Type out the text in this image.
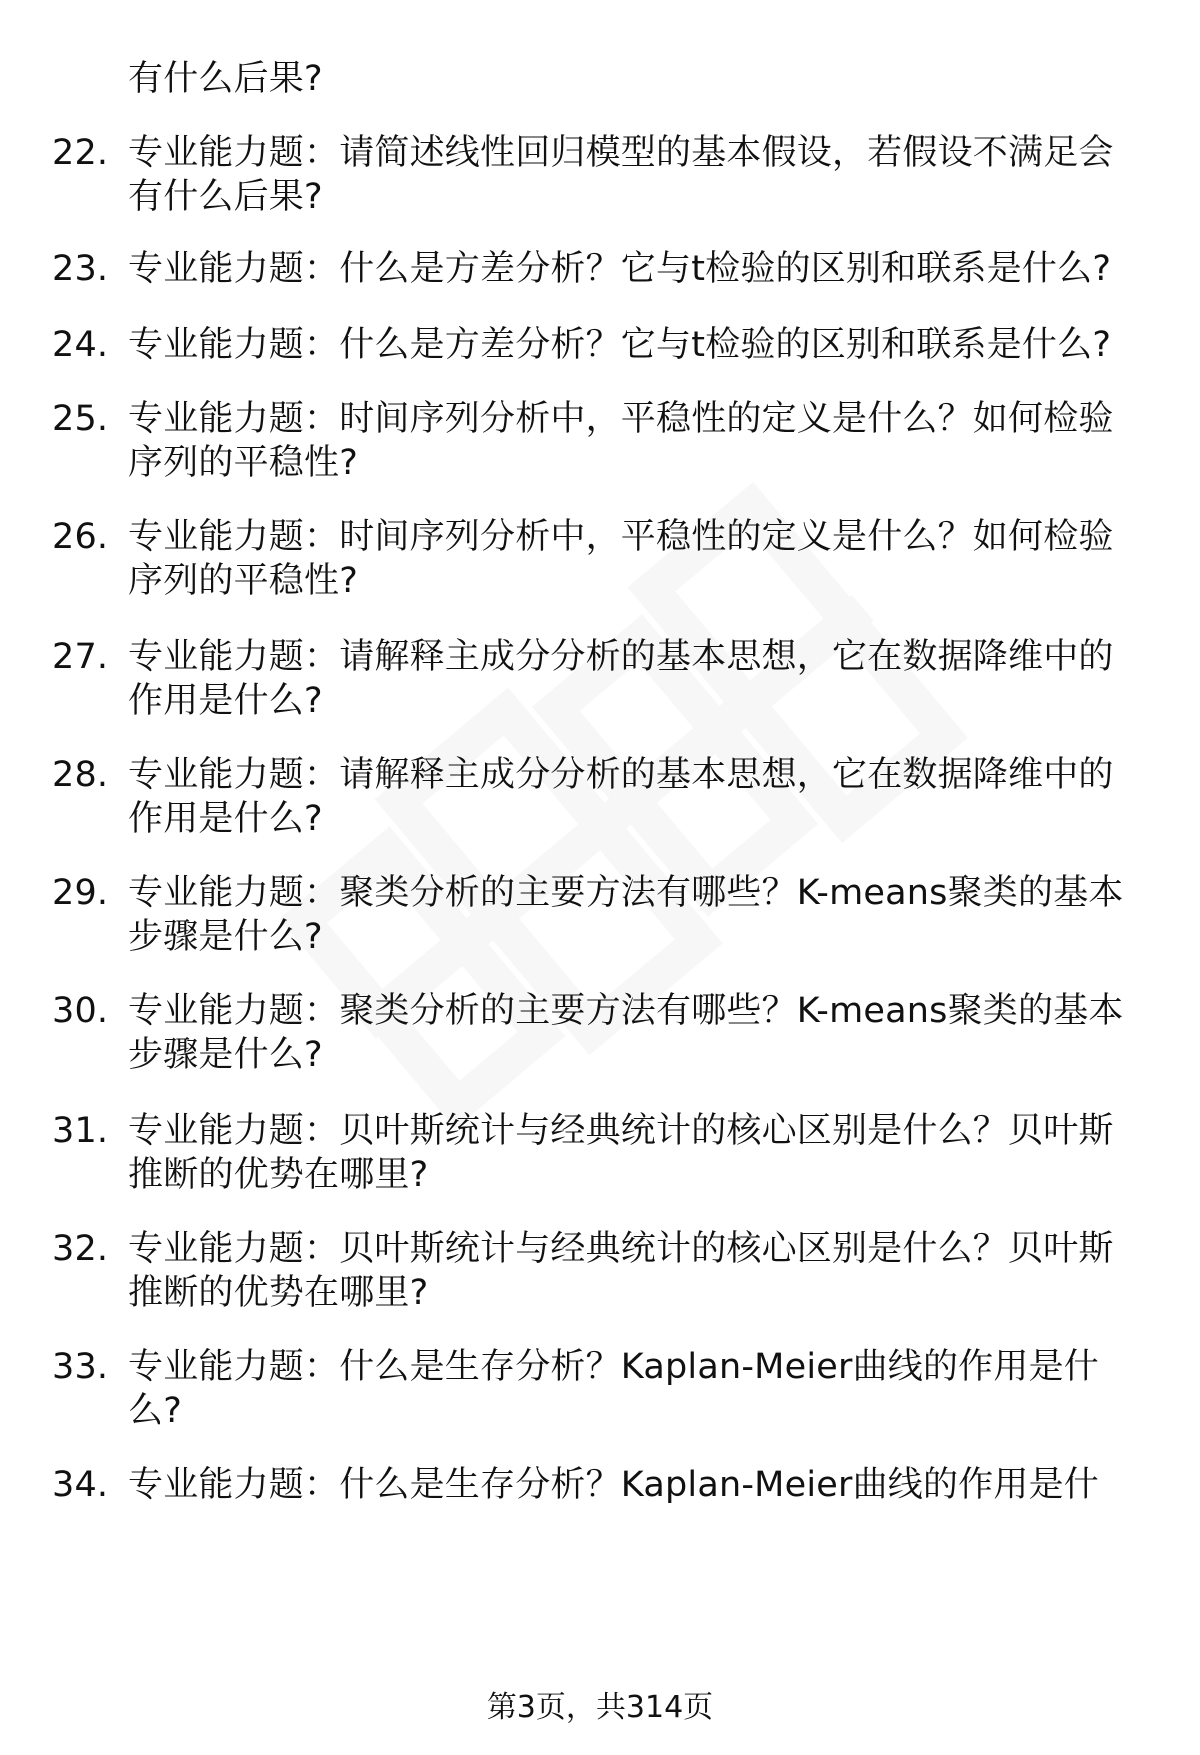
有什么后果?
22. 专业能力题：请简述线性回归模型的基本假设，若假设不满足会
有什么后果?
23. 专业能力题：什么是方差分析？它与t检验的区别和联系是什么?
24. 专业能力题：什么是方差分析？它与t检验的区别和联系是什么?
25. 专业能力题：时间序列分析中，平稳性的定义是什么？如何检验
序列的平稳性?
26. 专业能力题：时间序列分析中，平稳性的定义是什么？如何检验
序列的平稳性?
27. 专业能力题：请解释主成分分析的基本思想，它在数据降维中的
作用是什么?
28. 专业能力题：请解释主成分分析的基本思想，它在数据降维中的
作用是什么?
29. 专业能力题：聚类分析的主要方法有哪些？K-means聚类的基本
步骤是什么?
30. 专业能力题：聚类分析的主要方法有哪些？K-means聚类的基本
步骤是什么?
31. 专业能力题：贝叶斯统计与经典统计的核心区别是什么？贝叶斯
推断的优势在哪里?
32. 专业能力题：贝叶斯统计与经典统计的核心区别是什么？贝叶斯
推断的优势在哪里?
33. 专业能力题：什么是生存分析？Kaplan-Meier曲线的作用是什
么?
34. 专业能力题：什么是生存分析？Kaplan-Meier曲线的作用是什
第3页，共314页
